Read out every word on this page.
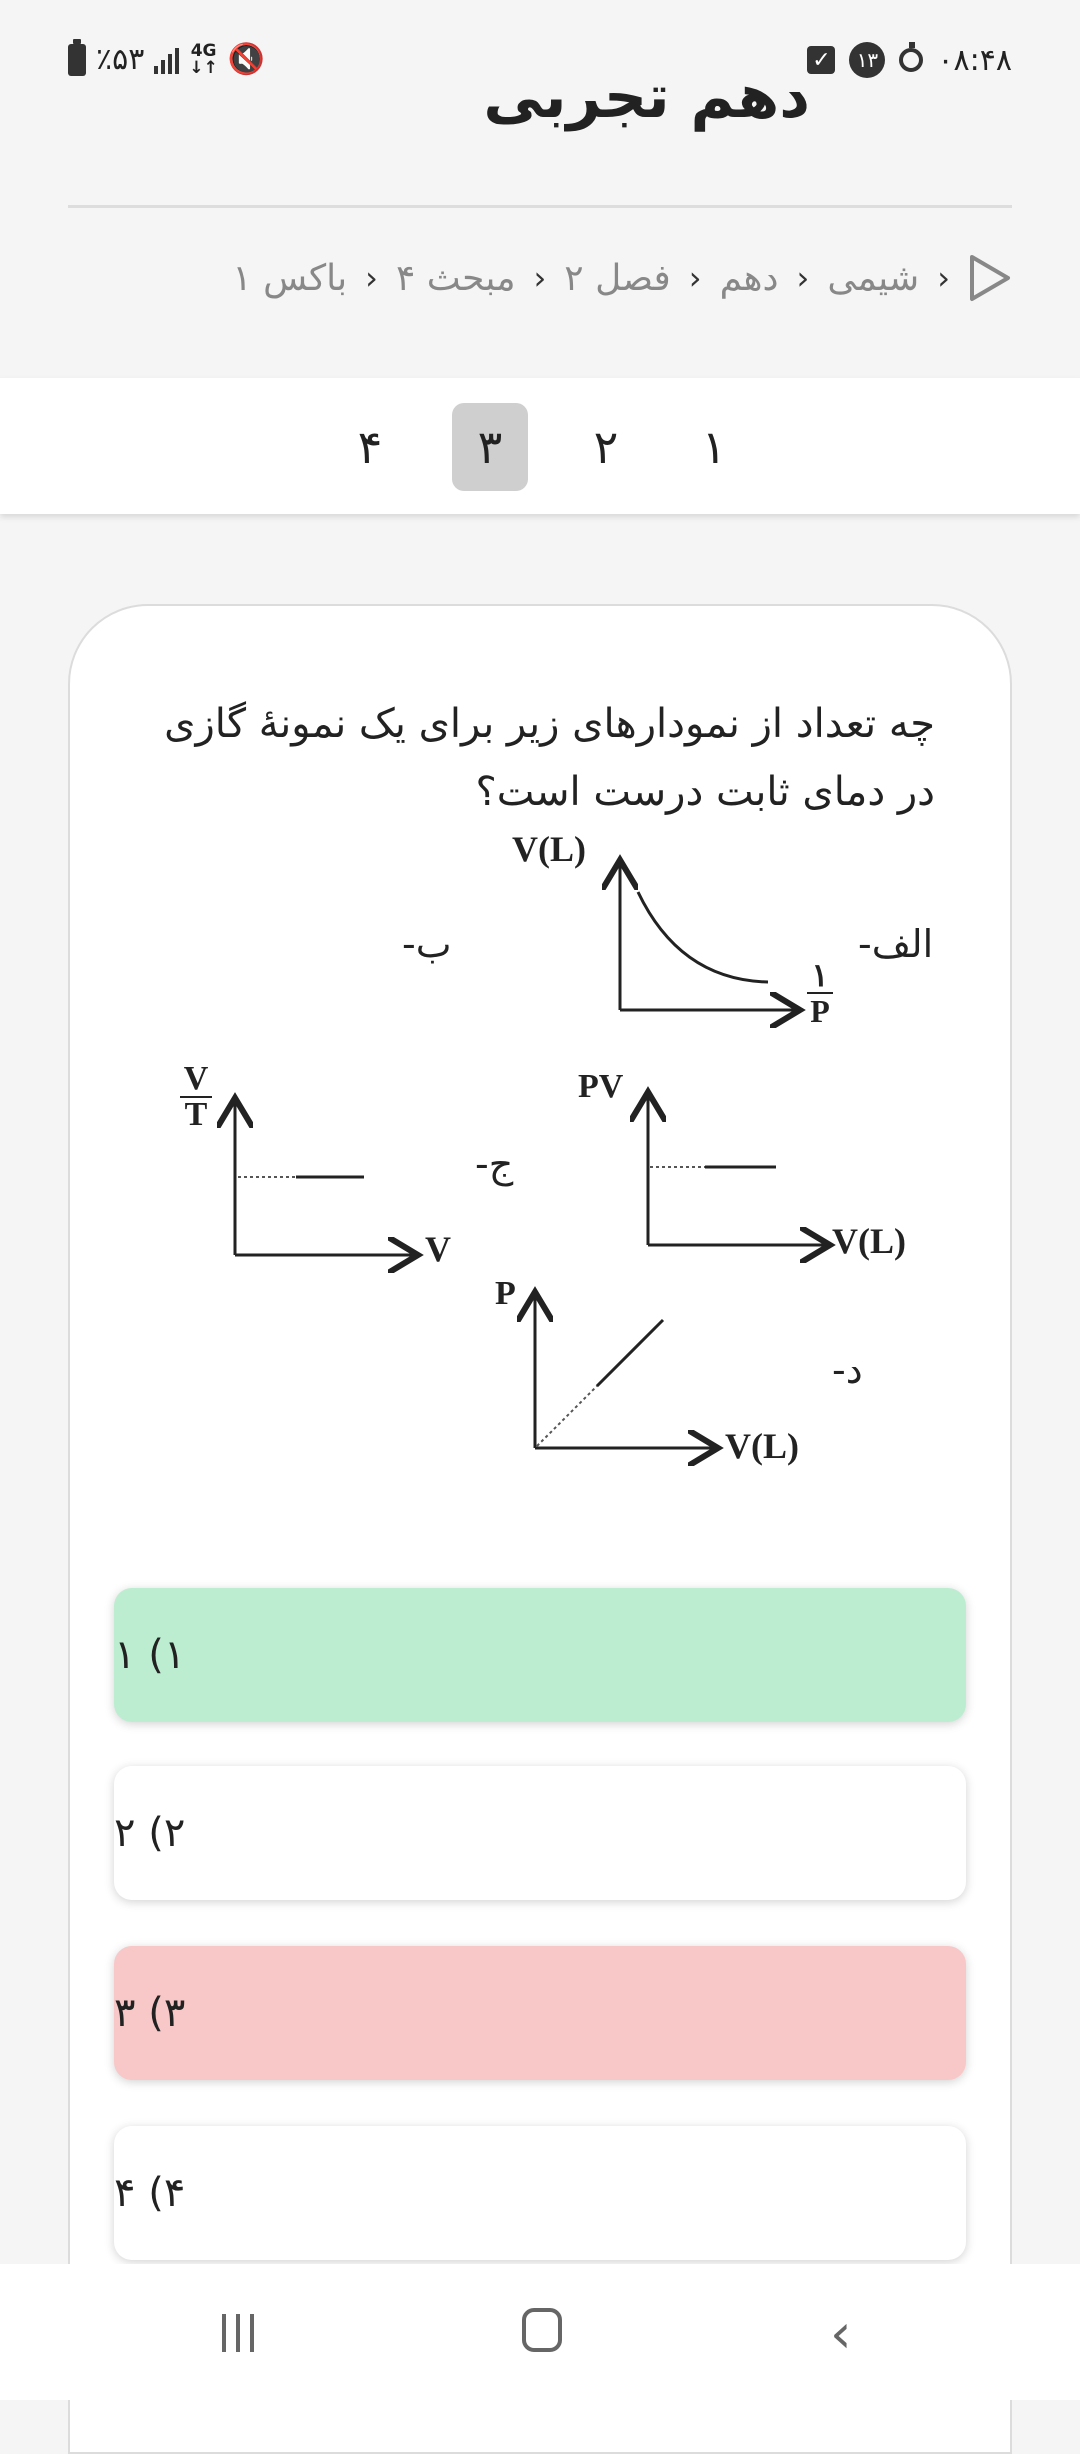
٪۵۳	4G
↓↑ 🔇	✓	۱۳ ۰۸:۴۸
دهم تجربی
›
شیمی
›
دهم
›
فصل ۲
›
مبحث ۴
›
باکس ۱
۱
۲
۳
۴
چه تعداد از نمودارهای زیر برای یک نمونۀ گازی در دمای ثابت درست است؟
الف-
ب-
ج-
د-
V(L)
۱
P
PV
V(L)
V
T
V
P
V(L)
۱) ۱
۲) ۲
۳) ۳
۴) ۴
‹
